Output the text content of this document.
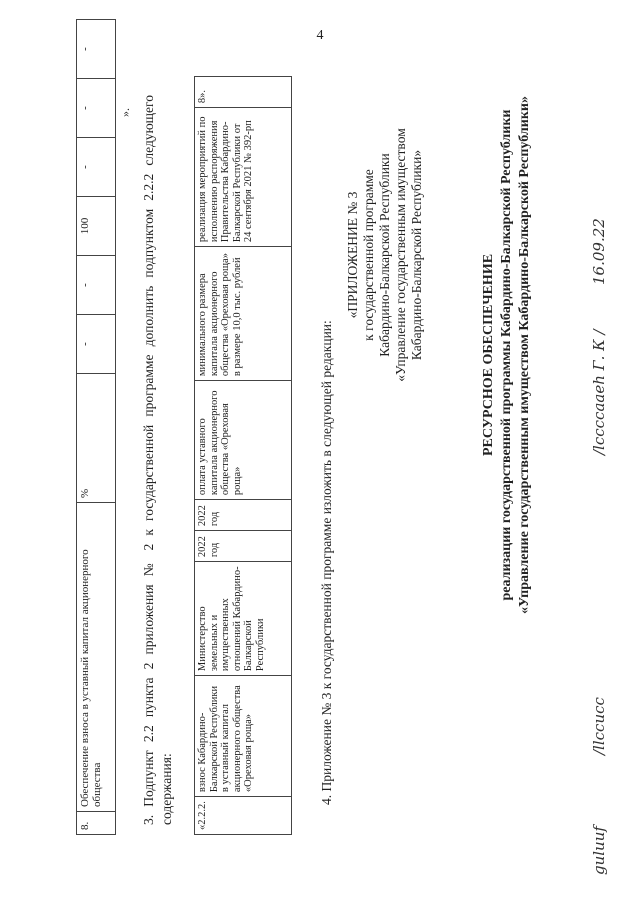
4
8.	Обеспечение взноса в уставный капитал акционерного общества	%	-	-	100	-	-	-
». 3. Подпункт 2.2 пункта 2 приложения № 2 к государственной программе дополнить подпунктом 2.2.2 следующего содержания: «2.2.2.	взнос Кабардино-Балкарской Республики в уставный капитал акционерного общества «Ореховая роща»	Министерство земельных и имущественных отношений Кабардино-Балкарской Республики	2022 год	2022 год	оплата уставного капитала акционерного общества «Ореховая роща»	минимального размера капитала акционерного общества «Ореховая роща» в размере 10,0 тыс. рублей	реализация мероприятий по исполнению распоряжения Правительства Кабардино-Балкарской Республики от 24 сентября 2021 № 392-рп	8».
4. Приложение № 3 к государственной программе изложить в следующей редакции:
«ПРИЛОЖЕНИЕ № 3 к государственной программе Кабардино-Балкарской Республики «Управление государственным имуществом Кабардино-Балкарской Республики»	РЕСУРСНОЕ ОБЕСПЕЧЕНИЕ реализации государственной программы Кабардино-Балкарской Республики «Управление государственным имуществом Кабардино-Балкарской Республики»
guluuf
/llccucc
/lccccaaeh Г. К /
16.09.22
